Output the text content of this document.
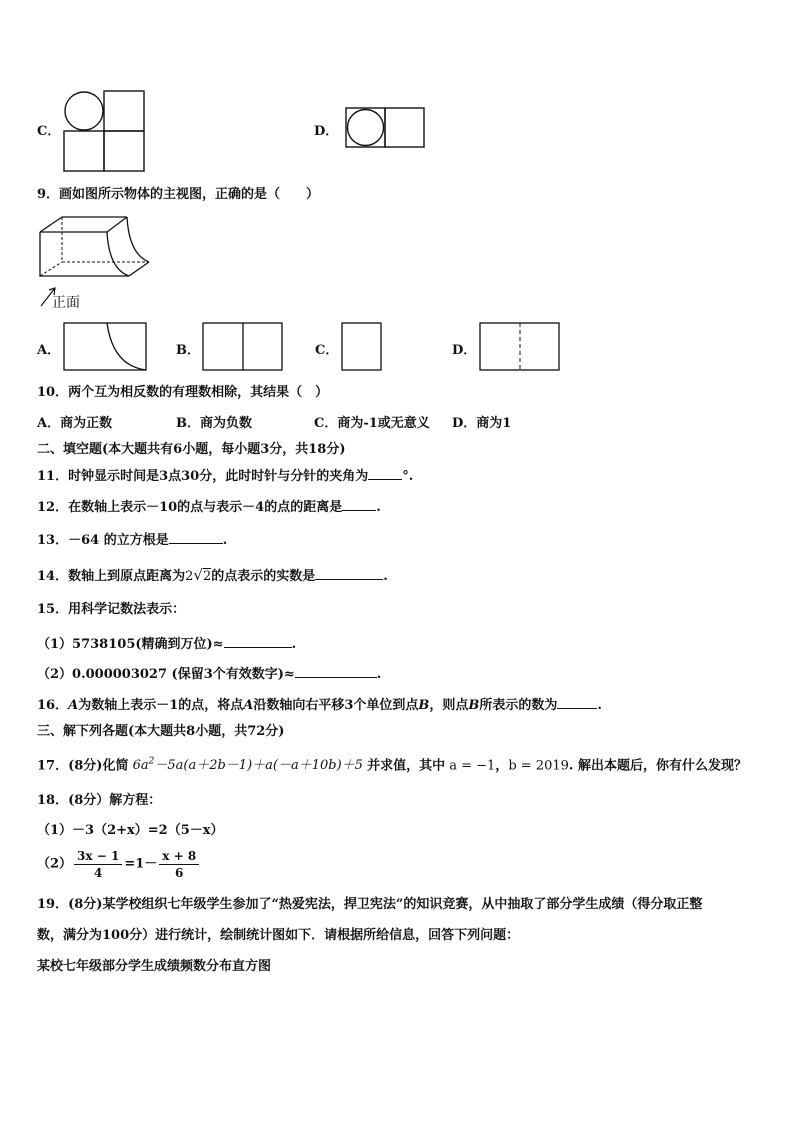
C．	D．
9．画如图所示物体的主视图，正确的是（　　）
正面
A．	B．	C．	D．
10．两个互为相反数的有理数相除，其结果（　）
A．商为正数	B．商为负数	C．商为-1或无意义 D．商为1
二、填空题(本大题共有6小题，每小题3分，共18分)
11．时钟显示时间是3点30分，此时时针与分针的夹角为	°.
12．在数轴上表示－10的点与表示－4的点的距离是	.
13．－64 的立方根是	.
14．数轴上到原点距离为2√2的点表示的实数是	.
15．用科学记数法表示：
（1）5738105(精确到万位)≈	.
（2）0.000003027 (保留3个有效数字)≈	.
16．A为数轴上表示－1的点，将点A沿数轴向右平移3个单位到点B，则点B所表示的数为	.
三、解下列各题(本大题共8小题，共72分)
17．(8分)化简 $6a^2-5a(a+2b-1)+a(-a+10b)+5$ 并求值，其中 a = −1，b = 2019. 解出本题后，你有什么发现？
18．(8分）解方程：
（1）－3（2+x）=2（5－x）
$(2) \frac{3x - 1}{4} =1- \frac{x + 8}{6}$
19．(8分)某学校组织七年级学生参加了“热爱宪法，捍卫宪法”的知识竞赛，从中抽取了部分学生成绩（得分取正整
数，满分为100分）进行统计，绘制统计图如下．请根据所给信息，回答下列问题：
某校七年级部分学生成绩频数分布直方图
